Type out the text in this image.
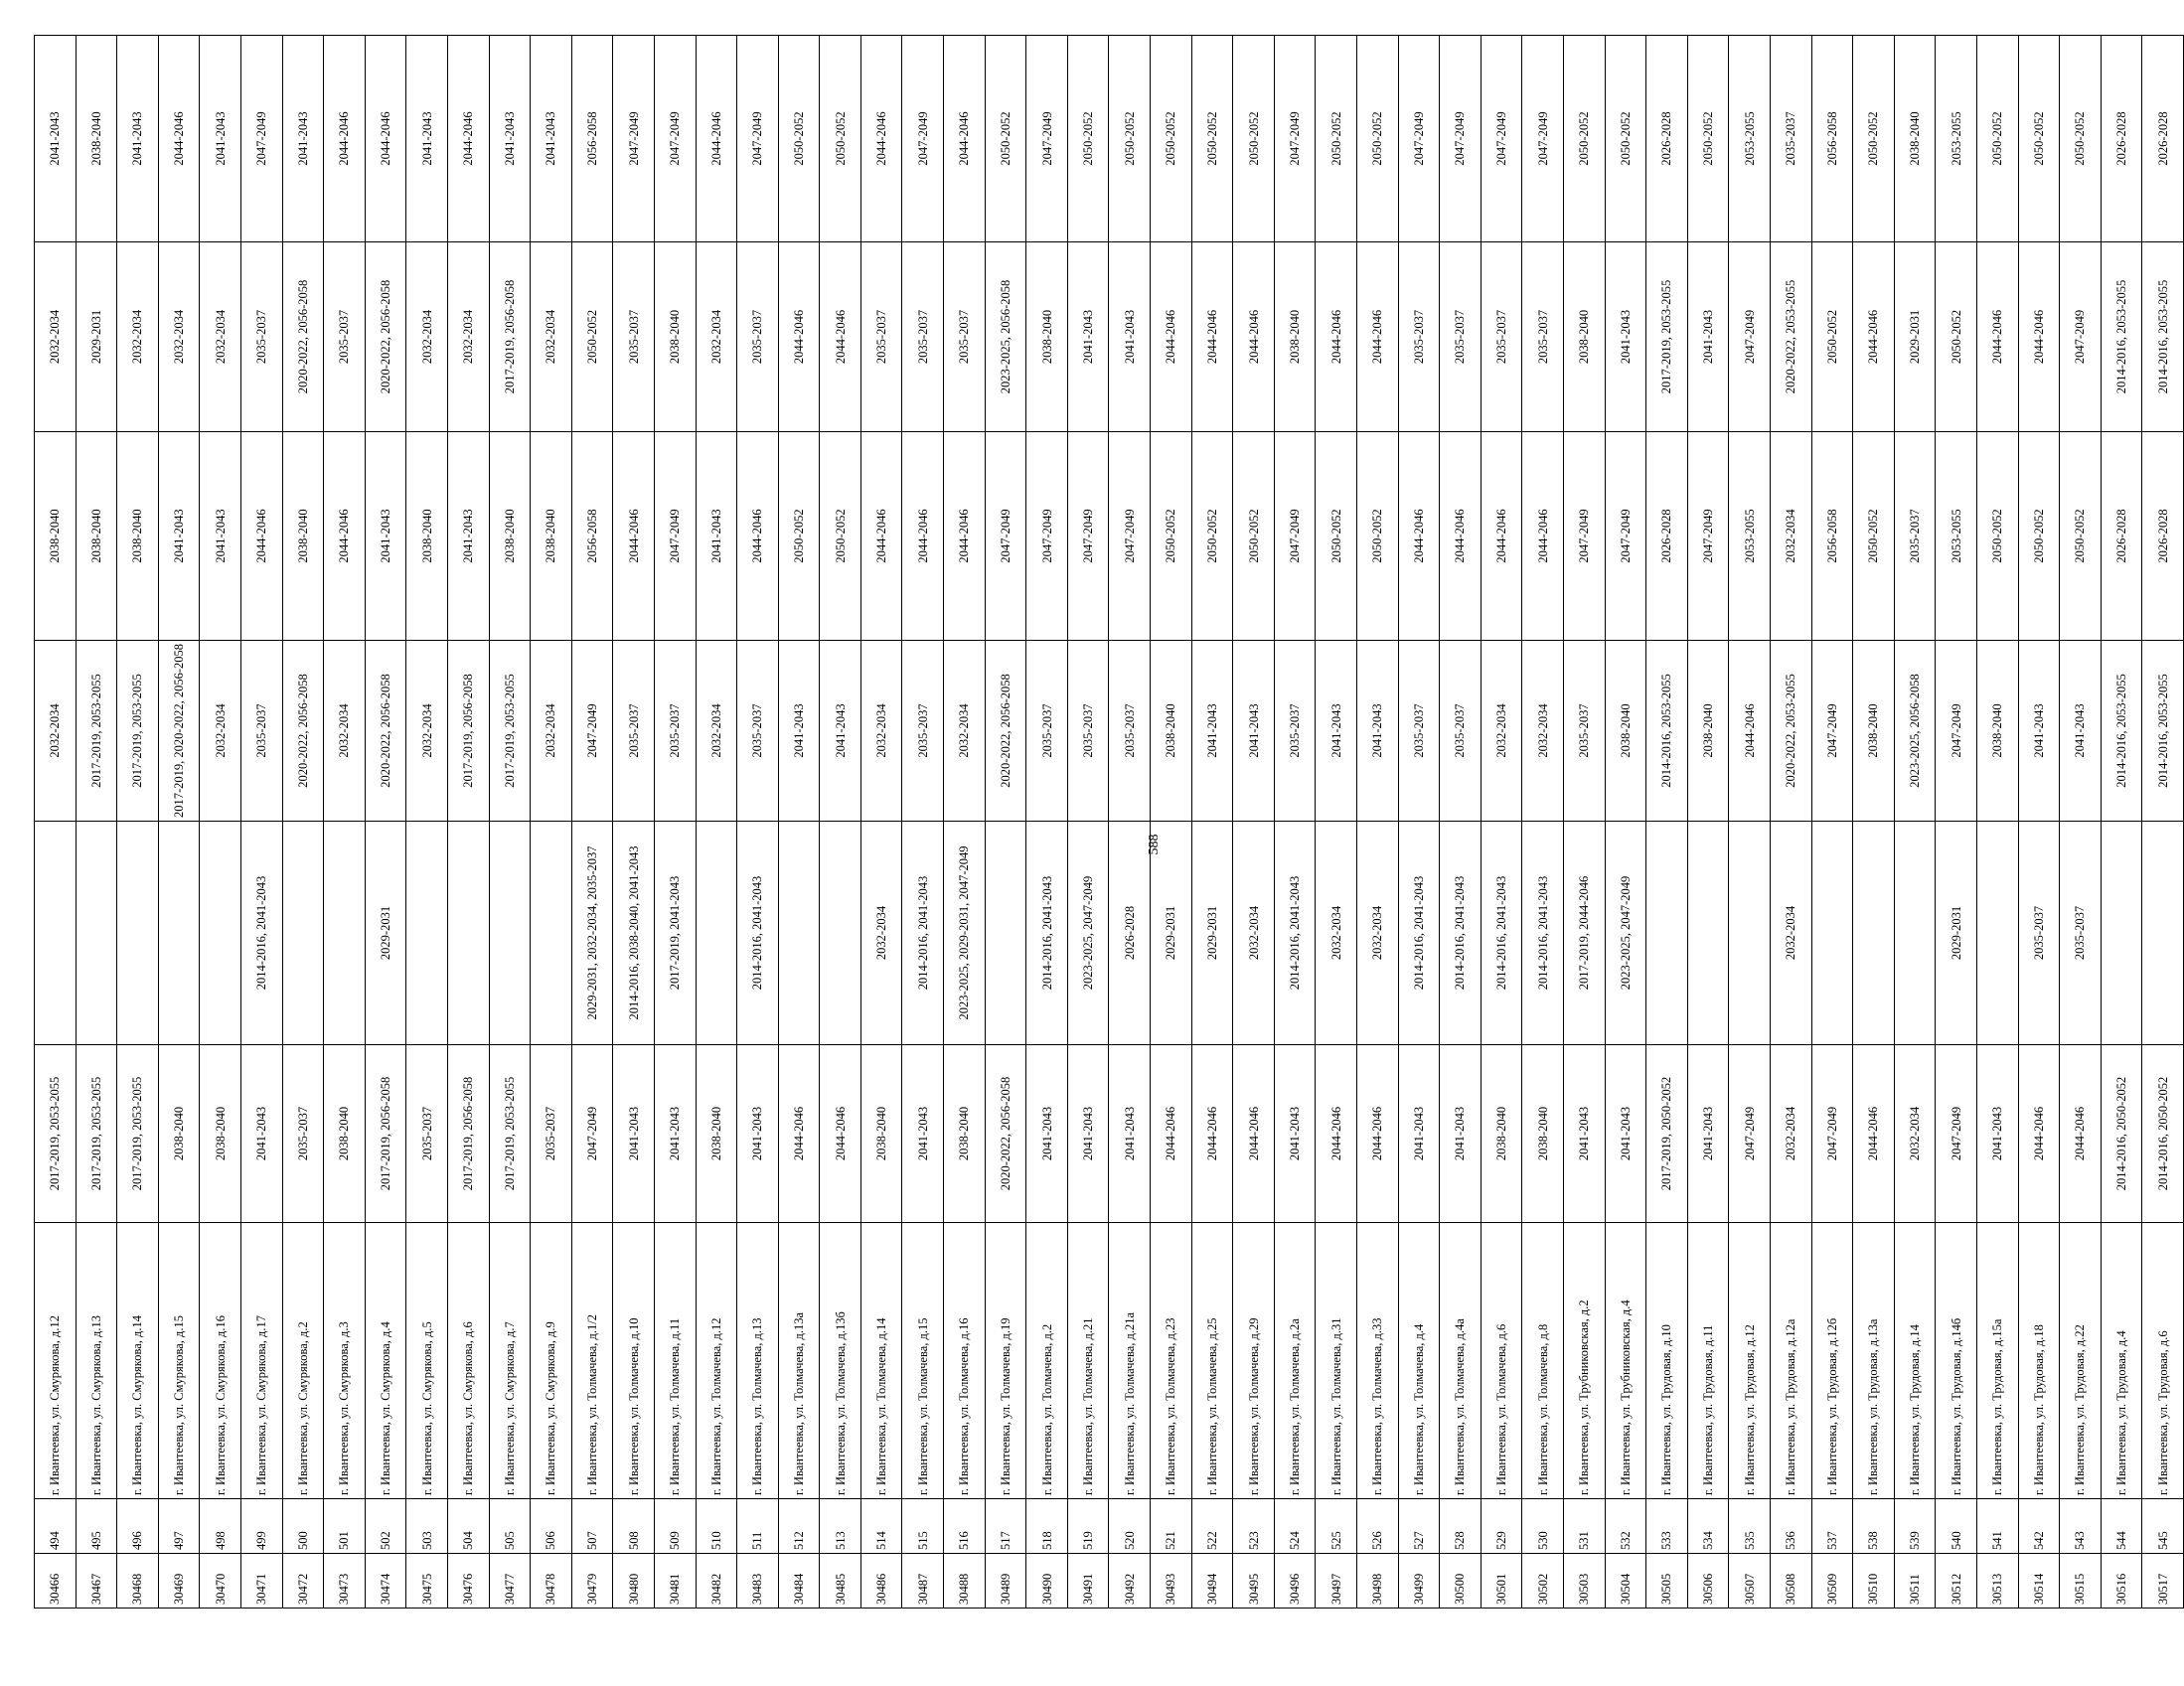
30466	494	г. Ивантеевка, ул. Смурякова, д.12	2017-2019, 2053-2055		2032-2034	2038-2040	2032-2034	2041-2043
30467	495	г. Ивантеевка, ул. Смурякова, д.13	2017-2019, 2053-2055		2017-2019, 2053-2055	2038-2040	2029-2031	2038-2040
30468	496	г. Ивантеевка, ул. Смурякова, д.14	2017-2019, 2053-2055		2017-2019, 2053-2055	2038-2040	2032-2034	2041-2043
30469	497	г. Ивантеевка, ул. Смурякова, д.15	2038-2040		2017-2019, 2020-2022, 2056-2058	2041-2043	2032-2034	2044-2046
30470	498	г. Ивантеевка, ул. Смурякова, д.16	2038-2040		2032-2034	2041-2043	2032-2034	2041-2043
30471	499	г. Ивантеевка, ул. Смурякова, д.17	2041-2043	2014-2016, 2041-2043	2035-2037	2044-2046	2035-2037	2047-2049
30472	500	г. Ивантеевка, ул. Смурякова, д.2	2035-2037		2020-2022, 2056-2058	2038-2040	2020-2022, 2056-2058	2041-2043
30473	501	г. Ивантеевка, ул. Смурякова, д.3	2038-2040		2032-2034	2044-2046	2035-2037	2044-2046
30474	502	г. Ивантеевка, ул. Смурякова, д.4	2017-2019, 2056-2058	2029-2031	2020-2022, 2056-2058	2041-2043	2020-2022, 2056-2058	2044-2046
30475	503	г. Ивантеевка, ул. Смурякова, д.5	2035-2037		2032-2034	2038-2040	2032-2034	2041-2043
30476	504	г. Ивантеевка, ул. Смурякова, д.6	2017-2019, 2056-2058		2017-2019, 2056-2058	2041-2043	2032-2034	2044-2046
30477	505	г. Ивантеевка, ул. Смурякова, д.7	2017-2019, 2053-2055		2017-2019, 2053-2055	2038-2040	2017-2019, 2056-2058	2041-2043
30478	506	г. Ивантеевка, ул. Смурякова, д.9	2035-2037		2032-2034	2038-2040	2032-2034	2041-2043
30479	507	г. Ивантеевка, ул. Толмачева, д.1/2	2047-2049	2029-2031, 2032-2034, 2035-2037	2047-2049	2056-2058	2050-2052	2056-2058
30480	508	г. Ивантеевка, ул. Толмачева, д.10	2041-2043	2014-2016, 2038-2040, 2041-2043	2035-2037	2044-2046	2035-2037	2047-2049
30481	509	г. Ивантеевка, ул. Толмачева, д.11	2041-2043	2017-2019, 2041-2043	2035-2037	2047-2049	2038-2040	2047-2049
30482	510	г. Ивантеевка, ул. Толмачева, д.12	2038-2040		2032-2034	2041-2043	2032-2034	2044-2046
30483	511	г. Ивантеевка, ул. Толмачева, д.13	2041-2043	2014-2016, 2041-2043	2035-2037	2044-2046	2035-2037	2047-2049
30484	512	г. Ивантеевка, ул. Толмачева, д.13а	2044-2046		2041-2043	2050-2052	2044-2046	2050-2052
30485	513	г. Ивантеевка, ул. Толмачева, д.13б	2044-2046		2041-2043	2050-2052	2044-2046	2050-2052
30486	514	г. Ивантеевка, ул. Толмачева, д.14	2038-2040	2032-2034	2032-2034	2044-2046	2035-2037	2044-2046
30487	515	г. Ивантеевка, ул. Толмачева, д.15	2041-2043	2014-2016, 2041-2043	2035-2037	2044-2046	2035-2037	2047-2049
30488	516	г. Ивантеевка, ул. Толмачева, д.16	2038-2040	2023-2025, 2029-2031, 2047-2049	2032-2034	2044-2046	2035-2037	2044-2046
30489	517	г. Ивантеевка, ул. Толмачева, д.19	2020-2022, 2056-2058		2020-2022, 2056-2058	2047-2049	2023-2025, 2056-2058	2050-2052
30490	518	г. Ивантеевка, ул. Толмачева, д.2	2041-2043	2014-2016, 2041-2043	2035-2037	2047-2049	2038-2040	2047-2049
30491	519	г. Ивантеевка, ул. Толмачева, д.21	2041-2043	2023-2025, 2047-2049	2035-2037	2047-2049	2041-2043	2050-2052
30492	520	г. Ивантеевка, ул. Толмачева, д.21а	2041-2043	2026-2028	2035-2037	2047-2049	2041-2043	2050-2052
30493	521	г. Ивантеевка, ул. Толмачева, д.23	2044-2046	2029-2031	2038-2040	2050-2052	2044-2046	2050-2052
30494	522	г. Ивантеевка, ул. Толмачева, д.25	2044-2046	2029-2031	2041-2043	2050-2052	2044-2046	2050-2052
30495	523	г. Ивантеевка, ул. Толмачева, д.29	2044-2046	2032-2034	2041-2043	2050-2052	2044-2046	2050-2052
30496	524	г. Ивантеевка, ул. Толмачева, д.2а	2041-2043	2014-2016, 2041-2043	2035-2037	2047-2049	2038-2040	2047-2049
30497	525	г. Ивантеевка, ул. Толмачева, д.31	2044-2046	2032-2034	2041-2043	2050-2052	2044-2046	2050-2052
30498	526	г. Ивантеевка, ул. Толмачева, д.33	2044-2046	2032-2034	2041-2043	2050-2052	2044-2046	2050-2052
30499	527	г. Ивантеевка, ул. Толмачева, д.4	2041-2043	2014-2016, 2041-2043	2035-2037	2044-2046	2035-2037	2047-2049
30500	528	г. Ивантеевка, ул. Толмачева, д.4а	2041-2043	2014-2016, 2041-2043	2035-2037	2044-2046	2035-2037	2047-2049
30501	529	г. Ивантеевка, ул. Толмачева, д.6	2038-2040	2014-2016, 2041-2043	2032-2034	2044-2046	2035-2037	2047-2049
30502	530	г. Ивантеевка, ул. Толмачева, д.8	2038-2040	2014-2016, 2041-2043	2032-2034	2044-2046	2035-2037	2047-2049
30503	531	г. Ивантеевка, ул. Трубниковская, д.2	2041-2043	2017-2019, 2044-2046	2035-2037	2047-2049	2038-2040	2050-2052
30504	532	г. Ивантеевка, ул. Трубниковская, д.4	2041-2043	2023-2025, 2047-2049	2038-2040	2047-2049	2041-2043	2050-2052
30505	533	г. Ивантеевка, ул. Трудовая, д.10	2017-2019, 2050-2052		2014-2016, 2053-2055	2026-2028	2017-2019, 2053-2055	2026-2028
30506	534	г. Ивантеевка, ул. Трудовая, д.11	2041-2043		2038-2040	2047-2049	2041-2043	2050-2052
30507	535	г. Ивантеевка, ул. Трудовая, д.12	2047-2049		2044-2046	2053-2055	2047-2049	2053-2055
30508	536	г. Ивантеевка, ул. Трудовая, д.12а	2032-2034	2032-2034	2020-2022, 2053-2055	2032-2034	2020-2022, 2053-2055	2035-2037
30509	537	г. Ивантеевка, ул. Трудовая, д.12б	2047-2049		2047-2049	2056-2058	2050-2052	2056-2058
30510	538	г. Ивантеевка, ул. Трудовая, д.13а	2044-2046		2038-2040	2050-2052	2044-2046	2050-2052
30511	539	г. Ивантеевка, ул. Трудовая, д.14	2032-2034		2023-2025, 2056-2058	2035-2037	2029-2031	2038-2040
30512	540	г. Ивантеевка, ул. Трудовая, д.14б	2047-2049	2029-2031	2047-2049	2053-2055	2050-2052	2053-2055
30513	541	г. Ивантеевка, ул. Трудовая, д.15а	2041-2043		2038-2040	2050-2052	2044-2046	2050-2052
30514	542	г. Ивантеевка, ул. Трудовая, д.18	2044-2046	2035-2037	2041-2043	2050-2052	2044-2046	2050-2052
30515	543	г. Ивантеевка, ул. Трудовая, д.22	2044-2046	2035-2037	2041-2043	2050-2052	2047-2049	2050-2052
30516	544	г. Ивантеевка, ул. Трудовая, д.4	2014-2016, 2050-2052		2014-2016, 2053-2055	2026-2028	2014-2016, 2053-2055	2026-2028
30517	545	г. Ивантеевка, ул. Трудовая, д.6	2014-2016, 2050-2052		2014-2016, 2053-2055	2026-2028	2014-2016, 2053-2055	2026-2028
588
